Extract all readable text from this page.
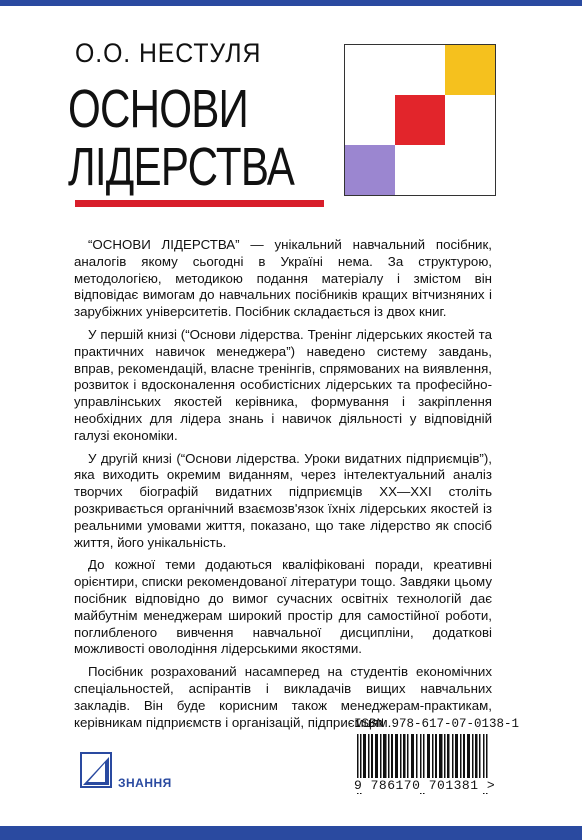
О.О. НЕСТУЛЯ
ОСНОВИ
ЛІДЕРСТВА

“ОСНОВИ ЛІДЕРСТВА” — унікальний навчальний посібник, аналогів якому сьогодні в Україні нема. За структурою, методологією, методикою подання матеріалу і змістом він відповідає вимогам до навчальних посібників кращих вітчизняних і зарубіжних університетів. Посібник складається із двох книг.

У першій книзі (“Основи лідерства. Тренінг лідерських якостей та практичних навичок менеджера”) наведено систему завдань, вправ, рекомендацій, власне тренінгів, спрямованих на виявлення, розвиток і вдосконалення особистісних лідерських та професійно-управлінських якостей керівника, формування і закріплення необхідних для лідера знань і навичок діяльності у відповідній галузі економіки.

У другій книзі (“Основи лідерства. Уроки видатних підприємців”), яка виходить окремим виданням, через інтелектуальний аналіз творчих біографій видатних підприємців XX—XXI століть розкривається органічний взаємозв'язок їхніх лідерських якостей із реальними умовами життя, показано, що таке лідерство як спосіб життя, його унікальність.

До кожної теми додаються кваліфіковані поради, креативні орієнтири, списки рекомендованої літератури тощо. Завдяки цьому посібник відповідно до вимог сучасних освітніх технологій дає майбутнім менеджерам широкий простір для самостійної роботи, поглибленого вивчення навчальної дисципліни, додаткові можливості оволодіння лідерськими якостями.

Посібник розрахований насамперед на студентів економічних спеціальностей, аспірантів і викладачів вищих навчальних закладів. Він буде корисним також менеджерам-практикам, керівникам підприємств і організацій, підприємцям.

ISBN 978-617-07-0138-1
9 786170 701381 >
ЗНАННЯ
